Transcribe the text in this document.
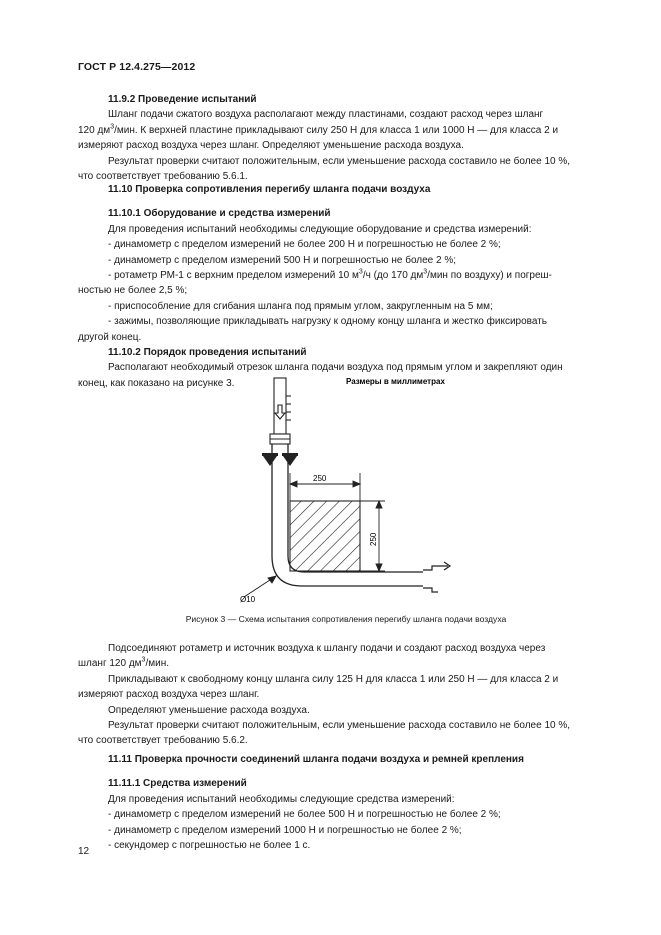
ГОСТ Р 12.4.275—2012
11.9.2 Проведение испытаний
Шланг подачи сжатого воздуха располагают между пластинами, создают расход через шланг
120 $дм^3$/мин. К верхней пластине прикладывают силу 250 Н для класса 1 или 1000 Н — для класса 2 и
измеряют расход воздуха через шланг. Определяют уменьшение расхода воздуха.
Результат проверки считают положительным, если уменьшение расхода составило не более 10 %,
что соответствует требованию 5.6.1.
11.10 Проверка сопротивления перегибу шланга подачи воздуха
11.10.1 Оборудование и средства измерений
Для проведения испытаний необходимы следующие оборудование и средства измерений:
- динамометр с пределом измерений не более 200 Н и погрешностью не более 2 %;
- динамометр с пределом измерений 500 Н и погрешностью не более 2 %;
- ротаметр РМ-1 с верхним пределом измерений 10 $м^3/ч$ (до 170 $дм^3$/мин по воздуху) и погреш-
ностью не более 2,5 %;
- приспособление для сгибания шланга под прямым углом, закругленным на 5 мм;
- зажимы, позволяющие прикладывать нагрузку к одному концу шланга и жестко фиксировать
другой конец.
11.10.2 Порядок проведения испытаний
Располагают необходимый отрезок шланга подачи воздуха под прямым углом и закрепляют один
конец, как показано на рисунке 3.	Размеры в миллиметрах
250
250
Ø10
Рисунок 3 — Схема испытания сопротивления перегибу шланга подачи воздуха
Подсоединяют ротаметр и источник воздуха к шлангу подачи и создают расход воздуха через
шланг 120 $дм^3$/мин.
Прикладывают к свободному концу шланга силу 125 Н для класса 1 или 250 Н — для класса 2 и
измеряют расход воздуха через шланг.
Определяют уменьшение расхода воздуха.
Результат проверки считают положительным, если уменьшение расхода составило не более 10 %,
что соответствует требованию 5.6.2.
11.11 Проверка прочности соединений шланга подачи воздуха и ремней крепления
11.11.1 Средства измерений
Для проведения испытаний необходимы следующие средства измерений:
- динамометр с пределом измерений не более 500 Н и погрешностью не более 2 %;
- динамометр с пределом измерений 1000 Н и погрешностью не более 2 %;
- секундомер с погрешностью не более 1 с.
12
